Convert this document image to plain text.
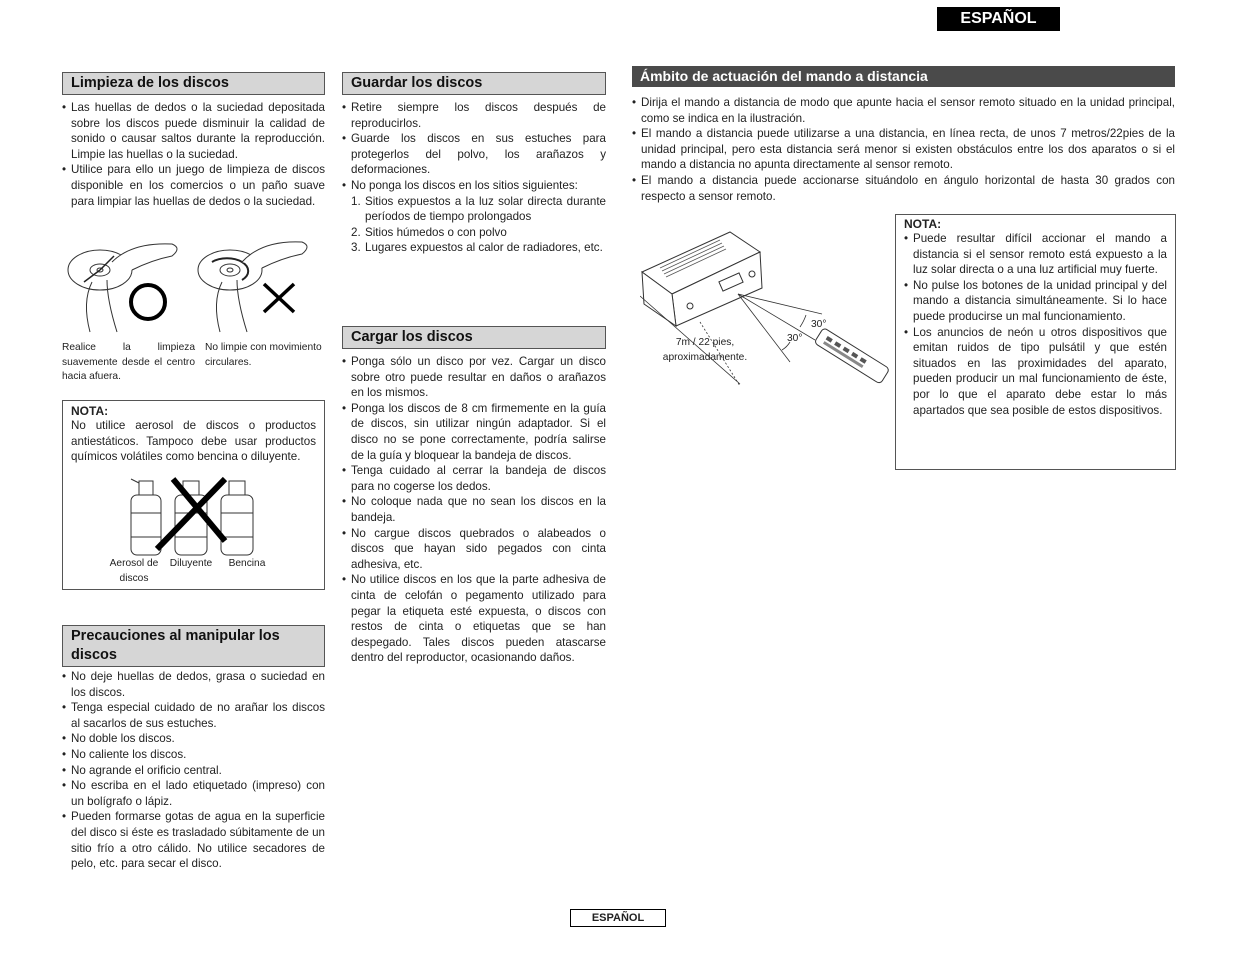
ESPAÑOL
Limpieza de los discos
• Las huellas de dedos o la suciedad depositada sobre los discos puede disminuir la calidad de sonido o causar saltos durante la reproducción. Limpie las huellas o la suciedad.
• Utilice para ello un juego de limpieza de discos disponible en los comercios o un paño suave para limpiar las huellas de dedos o la suciedad.
Realice la limpieza suavemente desde el centro hacia afuera.
No limpie con movimiento circulares.
NOTA:
No utilice aerosol de discos o productos antiestáticos. Tampoco debe usar productos químicos volátiles como bencina o diluyente.
Aerosol de discos
Diluyente	Bencina
Precauciones al manipular los discos
• No deje huellas de dedos, grasa o suciedad en los discos.
• Tenga especial cuidado de no arañar los discos al sacarlos de sus estuches.
• No doble los discos.
• No caliente los discos.
• No agrande el orificio central.
• No escriba en el lado etiquetado (impreso) con un bolígrafo o lápiz.
• Pueden formarse gotas de agua en la superficie del disco si éste es trasladado súbitamente de un sitio frío a otro cálido. No utilice secadores de pelo, etc. para secar el disco.
Guardar los discos
• Retire siempre los discos después de reproducirlos.
• Guarde los discos en sus estuches para protegerlos del polvo, los arañazos y deformaciones.
• No ponga los discos en los sitios siguientes:
1. Sitios expuestos a la luz solar directa durante períodos de tiempo prolongados
2. Sitios húmedos o con polvo
3. Lugares expuestos al calor de radiadores, etc.
Cargar los discos
• Ponga sólo un disco por vez. Cargar un disco sobre otro puede resultar en daños o arañazos en los mismos.
• Ponga los discos de 8 cm firmemente en la guía de discos, sin utilizar ningún adaptador. Si el disco no se pone correctamente, podría salirse de la guía y bloquear la bandeja de discos.
• Tenga cuidado al cerrar la bandeja de discos para no cogerse los dedos.
• No coloque nada que no sean los discos en la bandeja.
• No cargue discos quebrados o alabeados o discos que hayan sido pegados con cinta adhesiva, etc.
• No utilice discos en los que la parte adhesiva de cinta de celofán o pegamento utilizado para pegar la etiqueta esté expuesta, o discos con restos de cinta o etiquetas que se han despegado. Tales discos pueden atascarse dentro del reproductor, ocasionando daños.
Ámbito de actuación del mando a distancia
• Dirija el mando a distancia de modo que apunte hacia el sensor remoto situado en la unidad principal, como se indica en la ilustración.
• El mando a distancia puede utilizarse a una distancia, en línea recta, de unos 7 metros/22pies de la unidad principal, pero esta distancia será menor si existen obstáculos entre los dos aparatos o si el mando a distancia no apunta directamente al sensor remoto.
• El mando a distancia puede accionarse situándolo en ángulo horizontal de hasta 30 grados con respecto a sensor remoto.
30°
30°
7m / 22 pies, aproximadamente.
NOTA:
• Puede resultar difícil accionar el mando a distancia si el sensor remoto está expuesto a la luz solar directa o a una luz artificial muy fuerte.
• No pulse los botones de la unidad principal y del mando a distancia simultáneamente. Si lo hace puede producirse un mal funcionamiento.
• Los anuncios de neón u otros dispositivos que emitan ruidos de tipo pulsátil y que estén situados en las proximidades del aparato, pueden producir un mal funcionamiento de éste, por lo que el aparato debe estar lo más apartados que sea posible de estos dispositivos.
ESPAÑOL
